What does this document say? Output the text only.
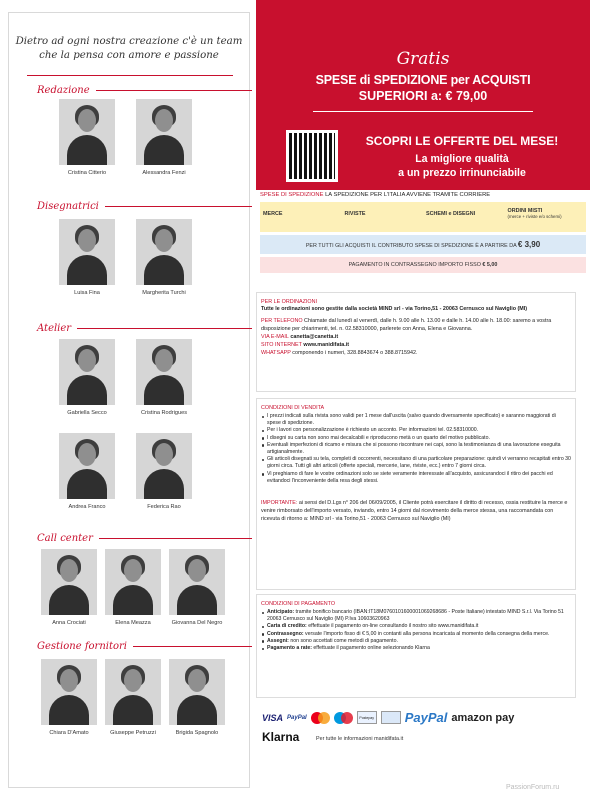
Dietro ad ogni nostra creazione c'è un team
che la pensa con amore e passione
Redazione
Disegnatrici
Atelier
Call center
Gestione fornitori
Cristina Citterio	Alessandra Fenzi
Luisa Fina	Margherita Turchi
Gabriella Secco	Cristina Rodrigues
Andrea Franco	Federica Rao
Anna Crociati	Elena Meazza	Giovanna Del Negro
Chiara D'Amato	Giuseppe Petruzzi	Brigida Spagnolo
Gratis
SPESE di SPEDIZIONE per ACQUISTI
SUPERIORI a: € 79,00
SCOPRI LE OFFERTE DEL MESE!
La migliore qualità
a un prezzo irrinunciabile
SPESE DI SPEDIZIONE LA SPEDIZIONE PER L'ITALIA AVVIENE TRAMITE CORRIERE
MERCE	RIVISTE	SCHEMI e DISEGNI	ORDINI MISTI
(merce + riviste e/o schemi)
PER TUTTI GLI ACQUISTI IL CONTRIBUTO SPESE DI SPEDIZIONE È A PARTIRE DA € 3,90
PAGAMENTO IN CONTRASSEGNO IMPORTO FISSO € 5,00
PER LE ORDINAZIONI
Tutte le ordinazioni sono gestite dalla società MIND srl - via Torino,51 - 20063 Cernusco sul Naviglio (MI)
PER TELEFONO Chiamate dal lunedì al venerdì, dalle h. 9.00 alle h. 13.00 e dalle h. 14.00 alle h. 18.00: saremo a vostra disposizione per chiarimenti, tel. n. 02.58310000, parlerete con Anna, Elena e Giovanna.
VIA E-MAIL canetta@canetta.it
SITO INTERNET www.manidifata.it
WHATSAPP componendo i numeri, 328.8843674 o 388.8715942.
CONDIZIONI DI VENDITA
I prezzi indicati sulla rivista sono validi per 1 mese dall'uscita (salvo quando diversamente specificato) e saranno maggiorati di spese di spedizione.
Per i lavori con personalizzazione è richiesto un acconto. Per informazioni tel. 02.58310000.
I disegni su carta non sono mai decalcabili e riproducono metà o un quarto del motivo pubblicato.
Eventuali imperfezioni di ricamo e misura che si possono riscontrare nei capi, sono la testimonianza di una lavorazione eseguita artigianalmente.
Gli articoli disegnati su tela, completi di occorrenti, necessitano di una particolare preparazione: quindi vi verranno recapitati entro 30 giorni circa. Tutti gli altri articoli (offerte speciali, mercerie, lane, riviste, ecc.) entro 7 giorni circa.
Vi preghiamo di fare le vostre ordinazioni solo se siete veramente interessate all'acquisto, assicurandoci il ritiro dei pacchi ed evitandoci l'inconveniente della resa degli stessi.
IMPORTANTE: ai sensi del D.Lgs n° 206 del 06/09/2005, il Cliente potrà esercitare il diritto di recesso, ossia restituire la merce e venire rimborsato dell'importo versato, inviando, entro 14 giorni dal ricevimento della merce stessa, una raccomandata con ricevuta di ritorno a: MIND srl - via Torino,51 - 20063 Cernusco sul Naviglio (MI)
CONDIZIONI DI PAGAMENTO
Anticipato: tramite bonifico bancario (IBAN:IT18M0760101600001069268686 - Poste Italiane) intestato MIND S.r.l. Via Torino 51 20063 Cernusco sul Naviglio (MI) P.Iva 10603620963
Carta di credito: effettuate il pagamento on-line consultando il nostro sito www.manidifata.it
Contrassegno: versate l'importo fisso di € 5,00 in contanti alla persona incaricata al momento della consegna della merce.
Assegni: non sono accettati come metodi di pagamento.
Pagamento a rate: effettuate il pagamento online selezionando Klarna
VISA PayPal	Postepay PayPal amazon pay
Klarna	Per tutte le informazioni manidifata.it
PassionForum.ru
